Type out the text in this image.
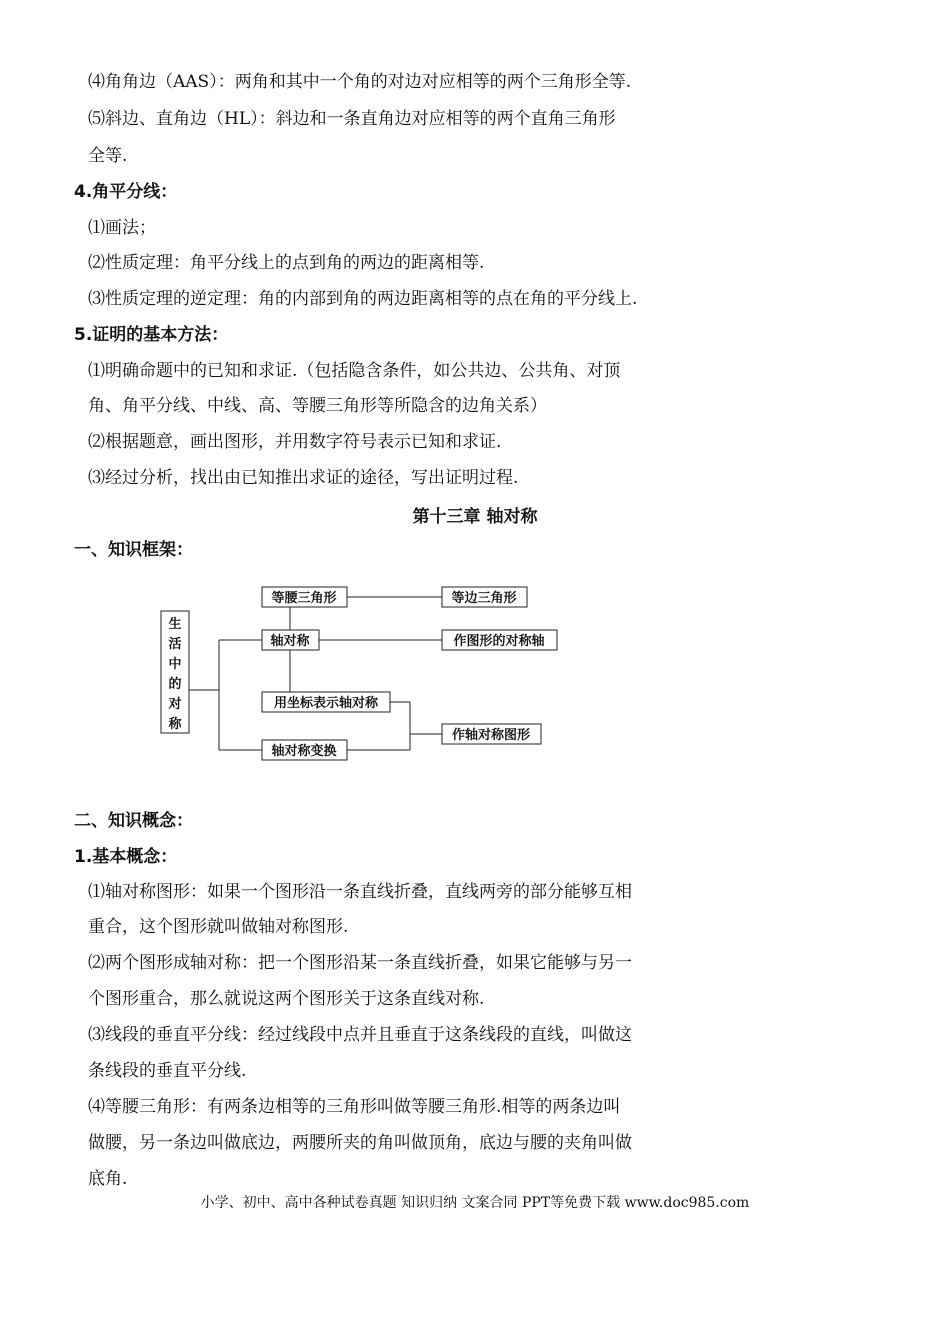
⑷角角边（AAS）：两角和其中一个角的对边对应相等的两个三角形全等.
⑸斜边、直角边（HL）：斜边和一条直角边对应相等的两个直角三角形
全等.
4.角平分线：
⑴画法；
⑵性质定理：角平分线上的点到角的两边的距离相等.
⑶性质定理的逆定理：角的内部到角的两边距离相等的点在角的平分线上.
5.证明的基本方法：
⑴明确命题中的已知和求证.（包括隐含条件，如公共边、公共角、对顶
角、角平分线、中线、高、等腰三角形等所隐含的边角关系）
⑵根据题意，画出图形，并用数字符号表示已知和求证.
⑶经过分析，找出由已知推出求证的途径，写出证明过程.
第十三章 轴对称
一、知识框架：
生
活
中
的
对
称
等腰三角形	等边三角形
轴对称	作图形的对称轴
用坐标表示轴对称
轴对称变换
作轴对称图形
二、知识概念：
1.基本概念：
⑴轴对称图形：如果一个图形沿一条直线折叠，直线两旁的部分能够互相
重合，这个图形就叫做轴对称图形.
⑵两个图形成轴对称：把一个图形沿某一条直线折叠，如果它能够与另一
个图形重合，那么就说这两个图形关于这条直线对称.
⑶线段的垂直平分线：经过线段中点并且垂直于这条线段的直线，叫做这
条线段的垂直平分线.
⑷等腰三角形：有两条边相等的三角形叫做等腰三角形.相等的两条边叫
做腰，另一条边叫做底边，两腰所夹的角叫做顶角，底边与腰的夹角叫做
底角.
小学、初中、高中各种试卷真题 知识归纳 文案合同 PPT等免费下载 www.doc985.com
